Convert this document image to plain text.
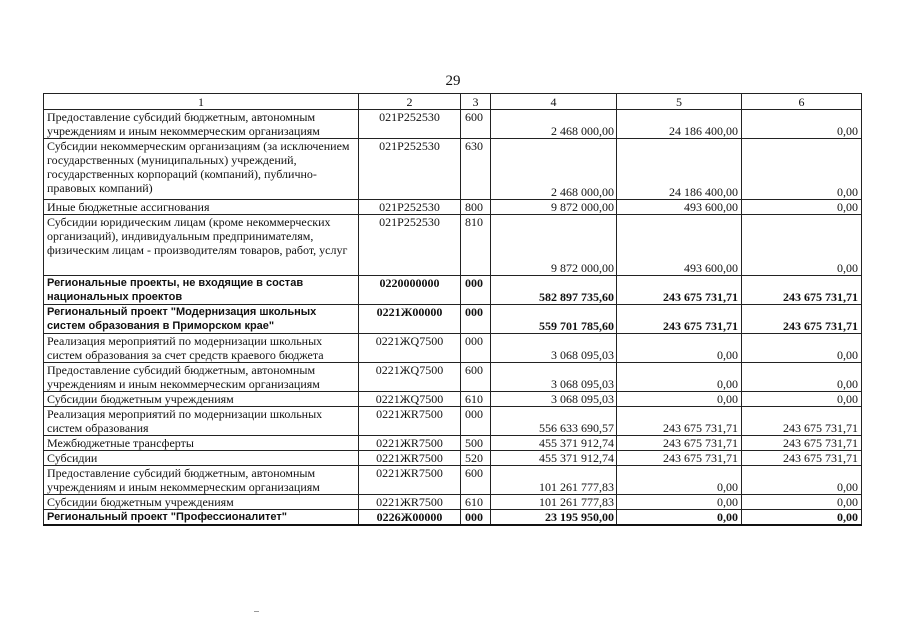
29
1	2	3	4	5	6
Предоставление субсидий бюджетным, автономным учреждениям и иным некоммерческим организациям	021P252530	600	2 468 000,00	24 186 400,00	0,00
Субсидии некоммерческим организациям (за исключением государственных (муниципальных) учреждений, государственных корпораций (компаний), публично-правовых компаний)	021P252530	630	2 468 000,00	24 186 400,00	0,00
Иные бюджетные ассигнования	021P252530	800	9 872 000,00	493 600,00	0,00
Субсидии юридическим лицам (кроме некоммерческих организаций), индивидуальным предпринимателям, физическим лицам - производителям товаров, работ, услуг	021P252530	810	9 872 000,00	493 600,00	0,00
Региональные проекты, не входящие в состав национальных проектов	0220000000	000	582 897 735,60	243 675 731,71	243 675 731,71
Региональный проект "Модернизация школьных систем образования в Приморском крае"	0221Ж00000	000	559 701 785,60	243 675 731,71	243 675 731,71
Реализация мероприятий по модернизации школьных систем образования за счет средств краевого бюджета	0221ЖQ7500	000	3 068 095,03	0,00	0,00
Предоставление субсидий бюджетным, автономным учреждениям и иным некоммерческим организациям	0221ЖQ7500	600	3 068 095,03	0,00	0,00
Субсидии бюджетным учреждениям	0221ЖQ7500	610	3 068 095,03	0,00	0,00
Реализация мероприятий по модернизации школьных систем образования	0221ЖR7500	000	556 633 690,57	243 675 731,71	243 675 731,71
Межбюджетные трансферты	0221ЖR7500	500	455 371 912,74	243 675 731,71	243 675 731,71
Субсидии	0221ЖR7500	520	455 371 912,74	243 675 731,71	243 675 731,71
Предоставление субсидий бюджетным, автономным учреждениям и иным некоммерческим организациям	0221ЖR7500	600	101 261 777,83	0,00	0,00
Субсидии бюджетным учреждениям	0221ЖR7500	610	101 261 777,83	0,00	0,00
Региональный проект "Профессионалитет"	0226Ж00000	000	23 195 950,00	0,00	0,00
